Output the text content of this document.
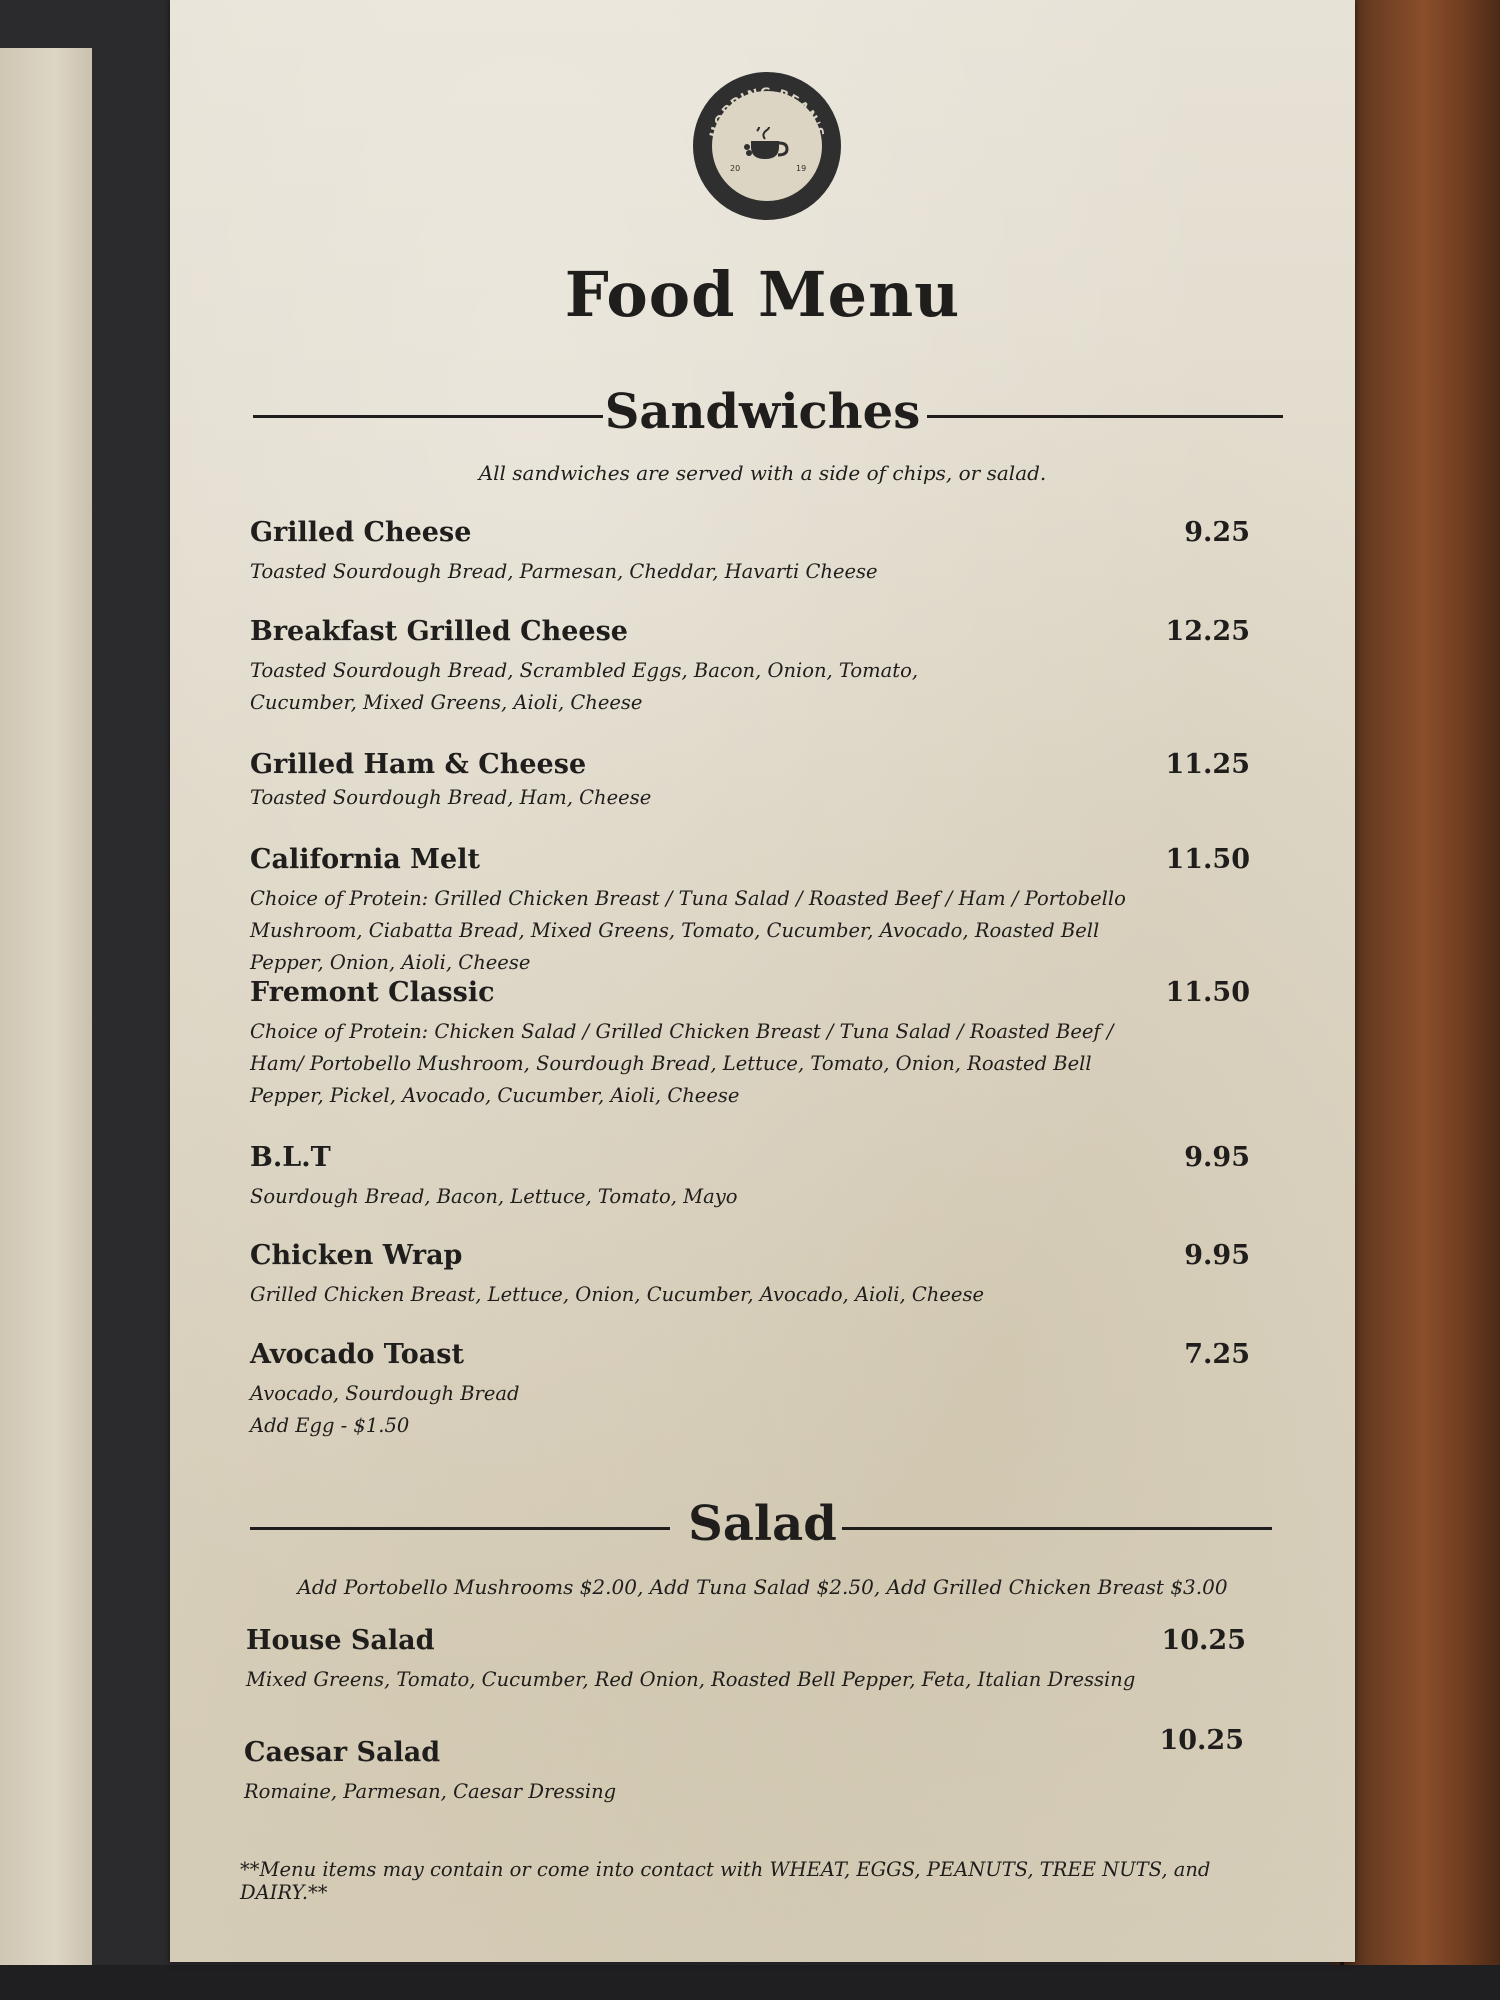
HOPPING BEAN'S
CAFE
20	19
Food Menu
Sandwiches
All sandwiches are served with a side of chips, or salad.
Grilled Cheese	9.25
Toasted Sourdough Bread, Parmesan, Cheddar, Havarti Cheese
Breakfast Grilled Cheese	12.25
Toasted Sourdough Bread, Scrambled Eggs, Bacon, Onion, Tomato, Cucumber, Mixed Greens, Aioli, Cheese
Grilled Ham & Cheese	11.25
Toasted Sourdough Bread, Ham, Cheese
California Melt	11.50
Choice of Protein: Grilled Chicken Breast / Tuna Salad / Roasted Beef / Ham / Portobello Mushroom, Ciabatta Bread, Mixed Greens, Tomato, Cucumber, Avocado, Roasted Bell Pepper, Onion, Aioli, Cheese
Fremont Classic	11.50
Choice of Protein: Chicken Salad / Grilled Chicken Breast / Tuna Salad / Roasted Beef / Ham/ Portobello Mushroom, Sourdough Bread, Lettuce, Tomato, Onion, Roasted Bell Pepper, Pickel, Avocado, Cucumber, Aioli, Cheese
B.L.T	9.95
Sourdough Bread, Bacon, Lettuce, Tomato, Mayo
Chicken Wrap	9.95
Grilled Chicken Breast, Lettuce, Onion, Cucumber, Avocado, Aioli, Cheese
Avocado Toast	7.25
Avocado, Sourdough Bread
Add Egg - $1.50
Salad
Add Portobello Mushrooms $2.00, Add Tuna Salad $2.50, Add Grilled Chicken Breast $3.00
House Salad	10.25
Mixed Greens, Tomato, Cucumber, Red Onion, Roasted Bell Pepper, Feta, Italian Dressing
Caesar Salad	10.25
Romaine, Parmesan, Caesar Dressing
**Menu items may contain or come into contact with WHEAT, EGGS, PEANUTS, TREE NUTS, and DAIRY.**
